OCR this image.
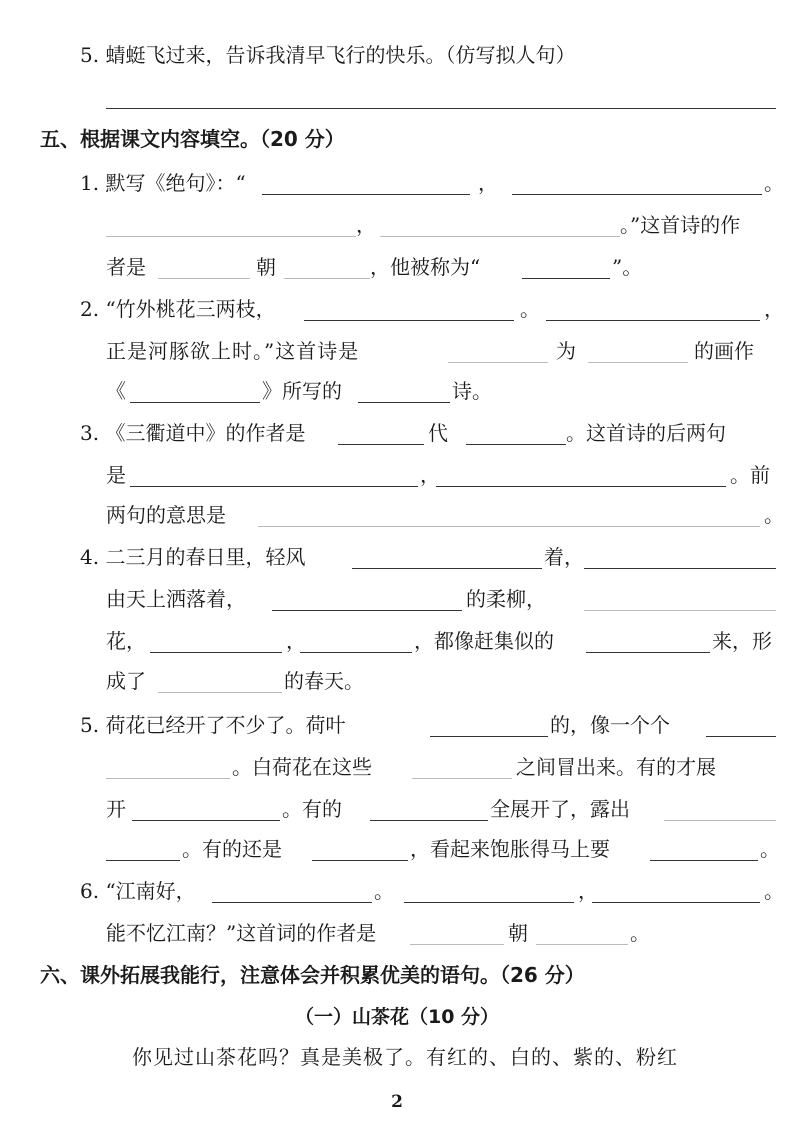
5. 蜻蜓飞过来，告诉我清早飞行的快乐。（仿写拟人句）
五、根据课文内容填空。（20 分）
1. 默写《绝句》：“	，	。
，	。”这首诗的作
者是	朝	，他被称为“	”。
2. “竹外桃花三两枝，	。	，
正是河豚欲上时。”这首诗是	为	的画作
《	》所写的	诗。
3. 《三衢道中》的作者是	代	。这首诗的后两句
是	，	。前
两句的意思是	。
4. 二三月的春日里，轻风	着，
由天上洒落着，	的柔柳，
花，	，	，都像赶集似的	来，形
成了	的春天。
5. 荷花已经开了不少了。荷叶	的，像一个个
。白荷花在这些	之间冒出来。有的才展
开	。有的	全展开了，露出
。有的还是	，看起来饱胀得马上要	。
6. “江南好，	。	，	。
能不忆江南？”这首词的作者是	朝	。
六、课外拓展我能行，注意体会并积累优美的语句。（26 分）
（一）山茶花（10 分）
你见过山茶花吗？真是美极了。有红的、白的、紫的、粉红
2
